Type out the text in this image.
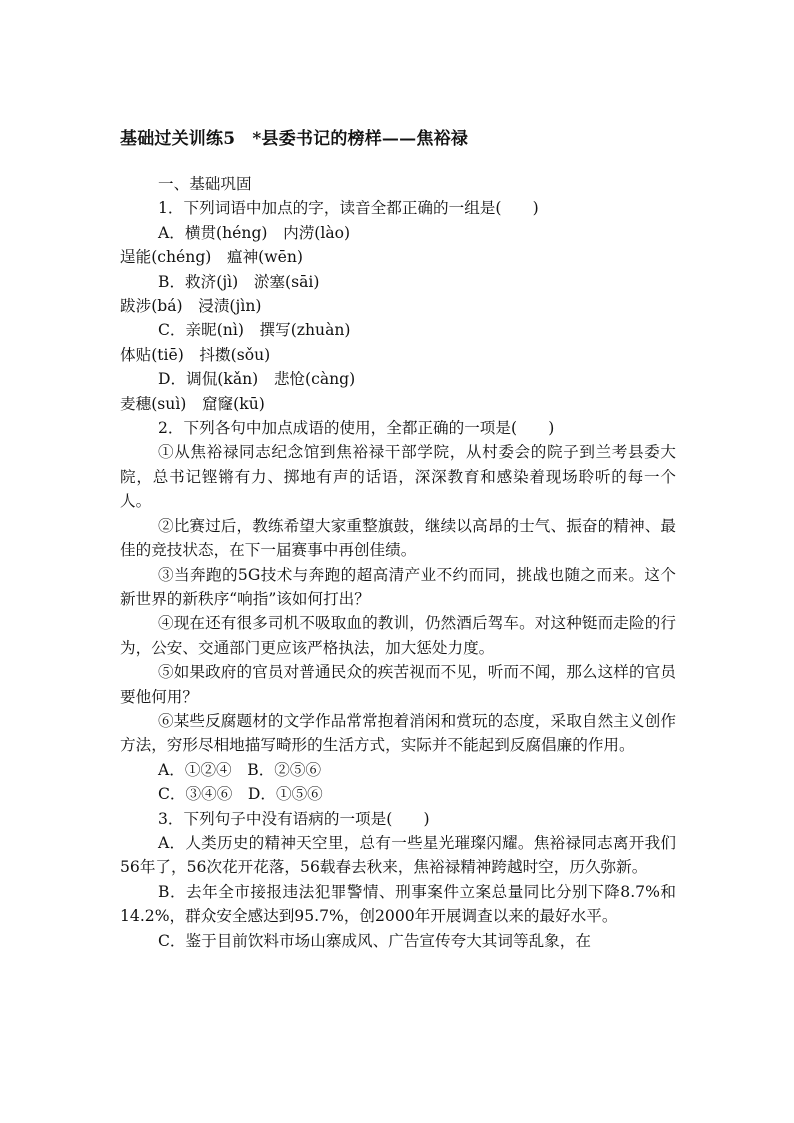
基础过关训练5　*县委书记的榜样——焦裕禄

一、基础巩固

1．下列词语中加点的字，读音全都正确的一组是(　　)

A．横贯(héng)　内涝(lào)

逞能(chéng)　瘟神(wēn)

B．救济(jì)　淤塞(sāi)

跋涉(bá)　浸渍(jìn)

C．亲昵(nì)　撰写(zhuàn)

体贴(tiē)　抖擞(sǒu)

D．调侃(kǎn)　悲怆(càng)

麦穗(suì)　窟窿(kū)

2．下列各句中加点成语的使用，全都正确的一项是(　　)

①从焦裕禄同志纪念馆到焦裕禄干部学院，从村委会的院子到兰考县委大院，总书记铿锵有力、掷地有声的话语，深深教育和感染着现场聆听的每一个人。

②比赛过后，教练希望大家重整旗鼓，继续以高昂的士气、振奋的精神、最佳的竞技状态，在下一届赛事中再创佳绩。

③当奔跑的5G技术与奔跑的超高清产业不约而同，挑战也随之而来。这个新世界的新秩序“响指”该如何打出？

④现在还有很多司机不吸取血的教训，仍然酒后驾车。对这种铤而走险的行为，公安、交通部门更应该严格执法，加大惩处力度。

⑤如果政府的官员对普通民众的疾苦视而不见，听而不闻，那么这样的官员要他何用？

⑥某些反腐题材的文学作品常常抱着消闲和赏玩的态度，采取自然主义创作方法，穷形尽相地描写畸形的生活方式，实际并不能起到反腐倡廉的作用。

A．①②④　B．②⑤⑥

C．③④⑥　D．①⑤⑥

3．下列句子中没有语病的一项是(　　)

A．人类历史的精神天空里，总有一些星光璀璨闪耀。焦裕禄同志离开我们56年了，56次花开花落，56载春去秋来，焦裕禄精神跨越时空，历久弥新。

B．去年全市接报违法犯罪警情、刑事案件立案总量同比分别下降8.7%和14.2%，群众安全感达到95.7%，创2000年开展调查以来的最好水平。

C．鉴于目前饮料市场山寨成风、广告宣传夸大其词等乱象，在
